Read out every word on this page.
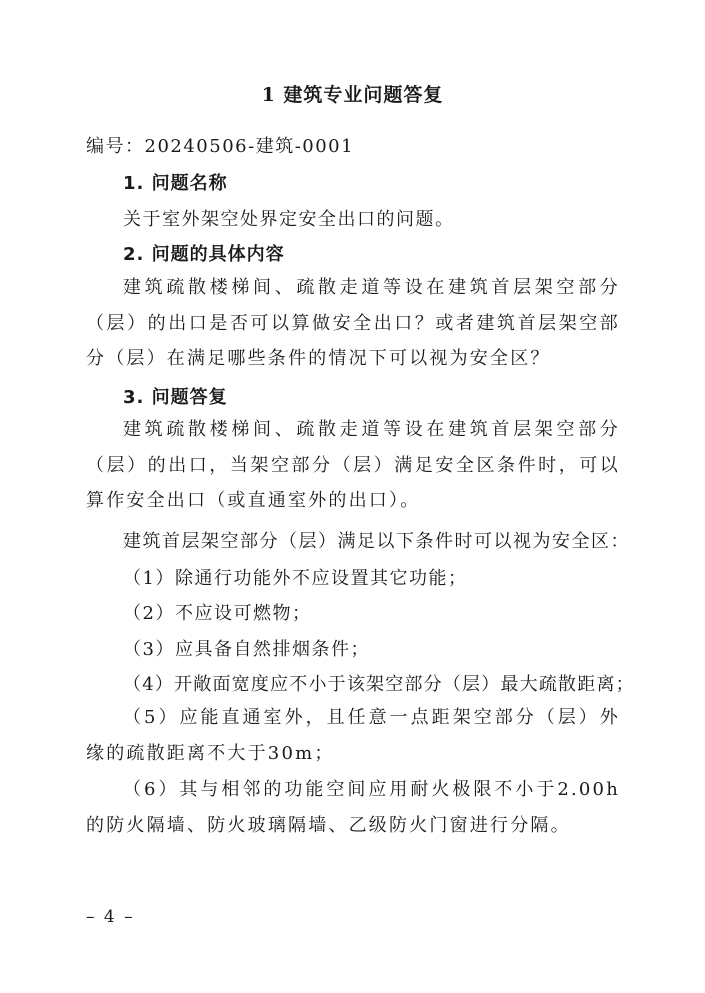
1 建筑专业问题答复
编号：20240506-建筑-0001
1. 问题名称
关于室外架空处界定安全出口的问题。
2. 问题的具体内容
建筑疏散楼梯间、疏散走道等设在建筑首层架空部分（层）的出口是否可以算做安全出口？或者建筑首层架空部分（层）在满足哪些条件的情况下可以视为安全区？
3. 问题答复
建筑疏散楼梯间、疏散走道等设在建筑首层架空部分（层）的出口，当架空部分（层）满足安全区条件时，可以算作安全出口（或直通室外的出口）。
建筑首层架空部分（层）满足以下条件时可以视为安全区：
（1）除通行功能外不应设置其它功能；
（2）不应设可燃物；
（3）应具备自然排烟条件；
（4）开敞面宽度应不小于该架空部分（层）最大疏散距离；
（5）应能直通室外，且任意一点距架空部分（层）外缘的疏散距离不大于30m；
（6）其与相邻的功能空间应用耐火极限不小于2.00h的防火隔墙、防火玻璃隔墙、乙级防火门窗进行分隔。
– 4 –
